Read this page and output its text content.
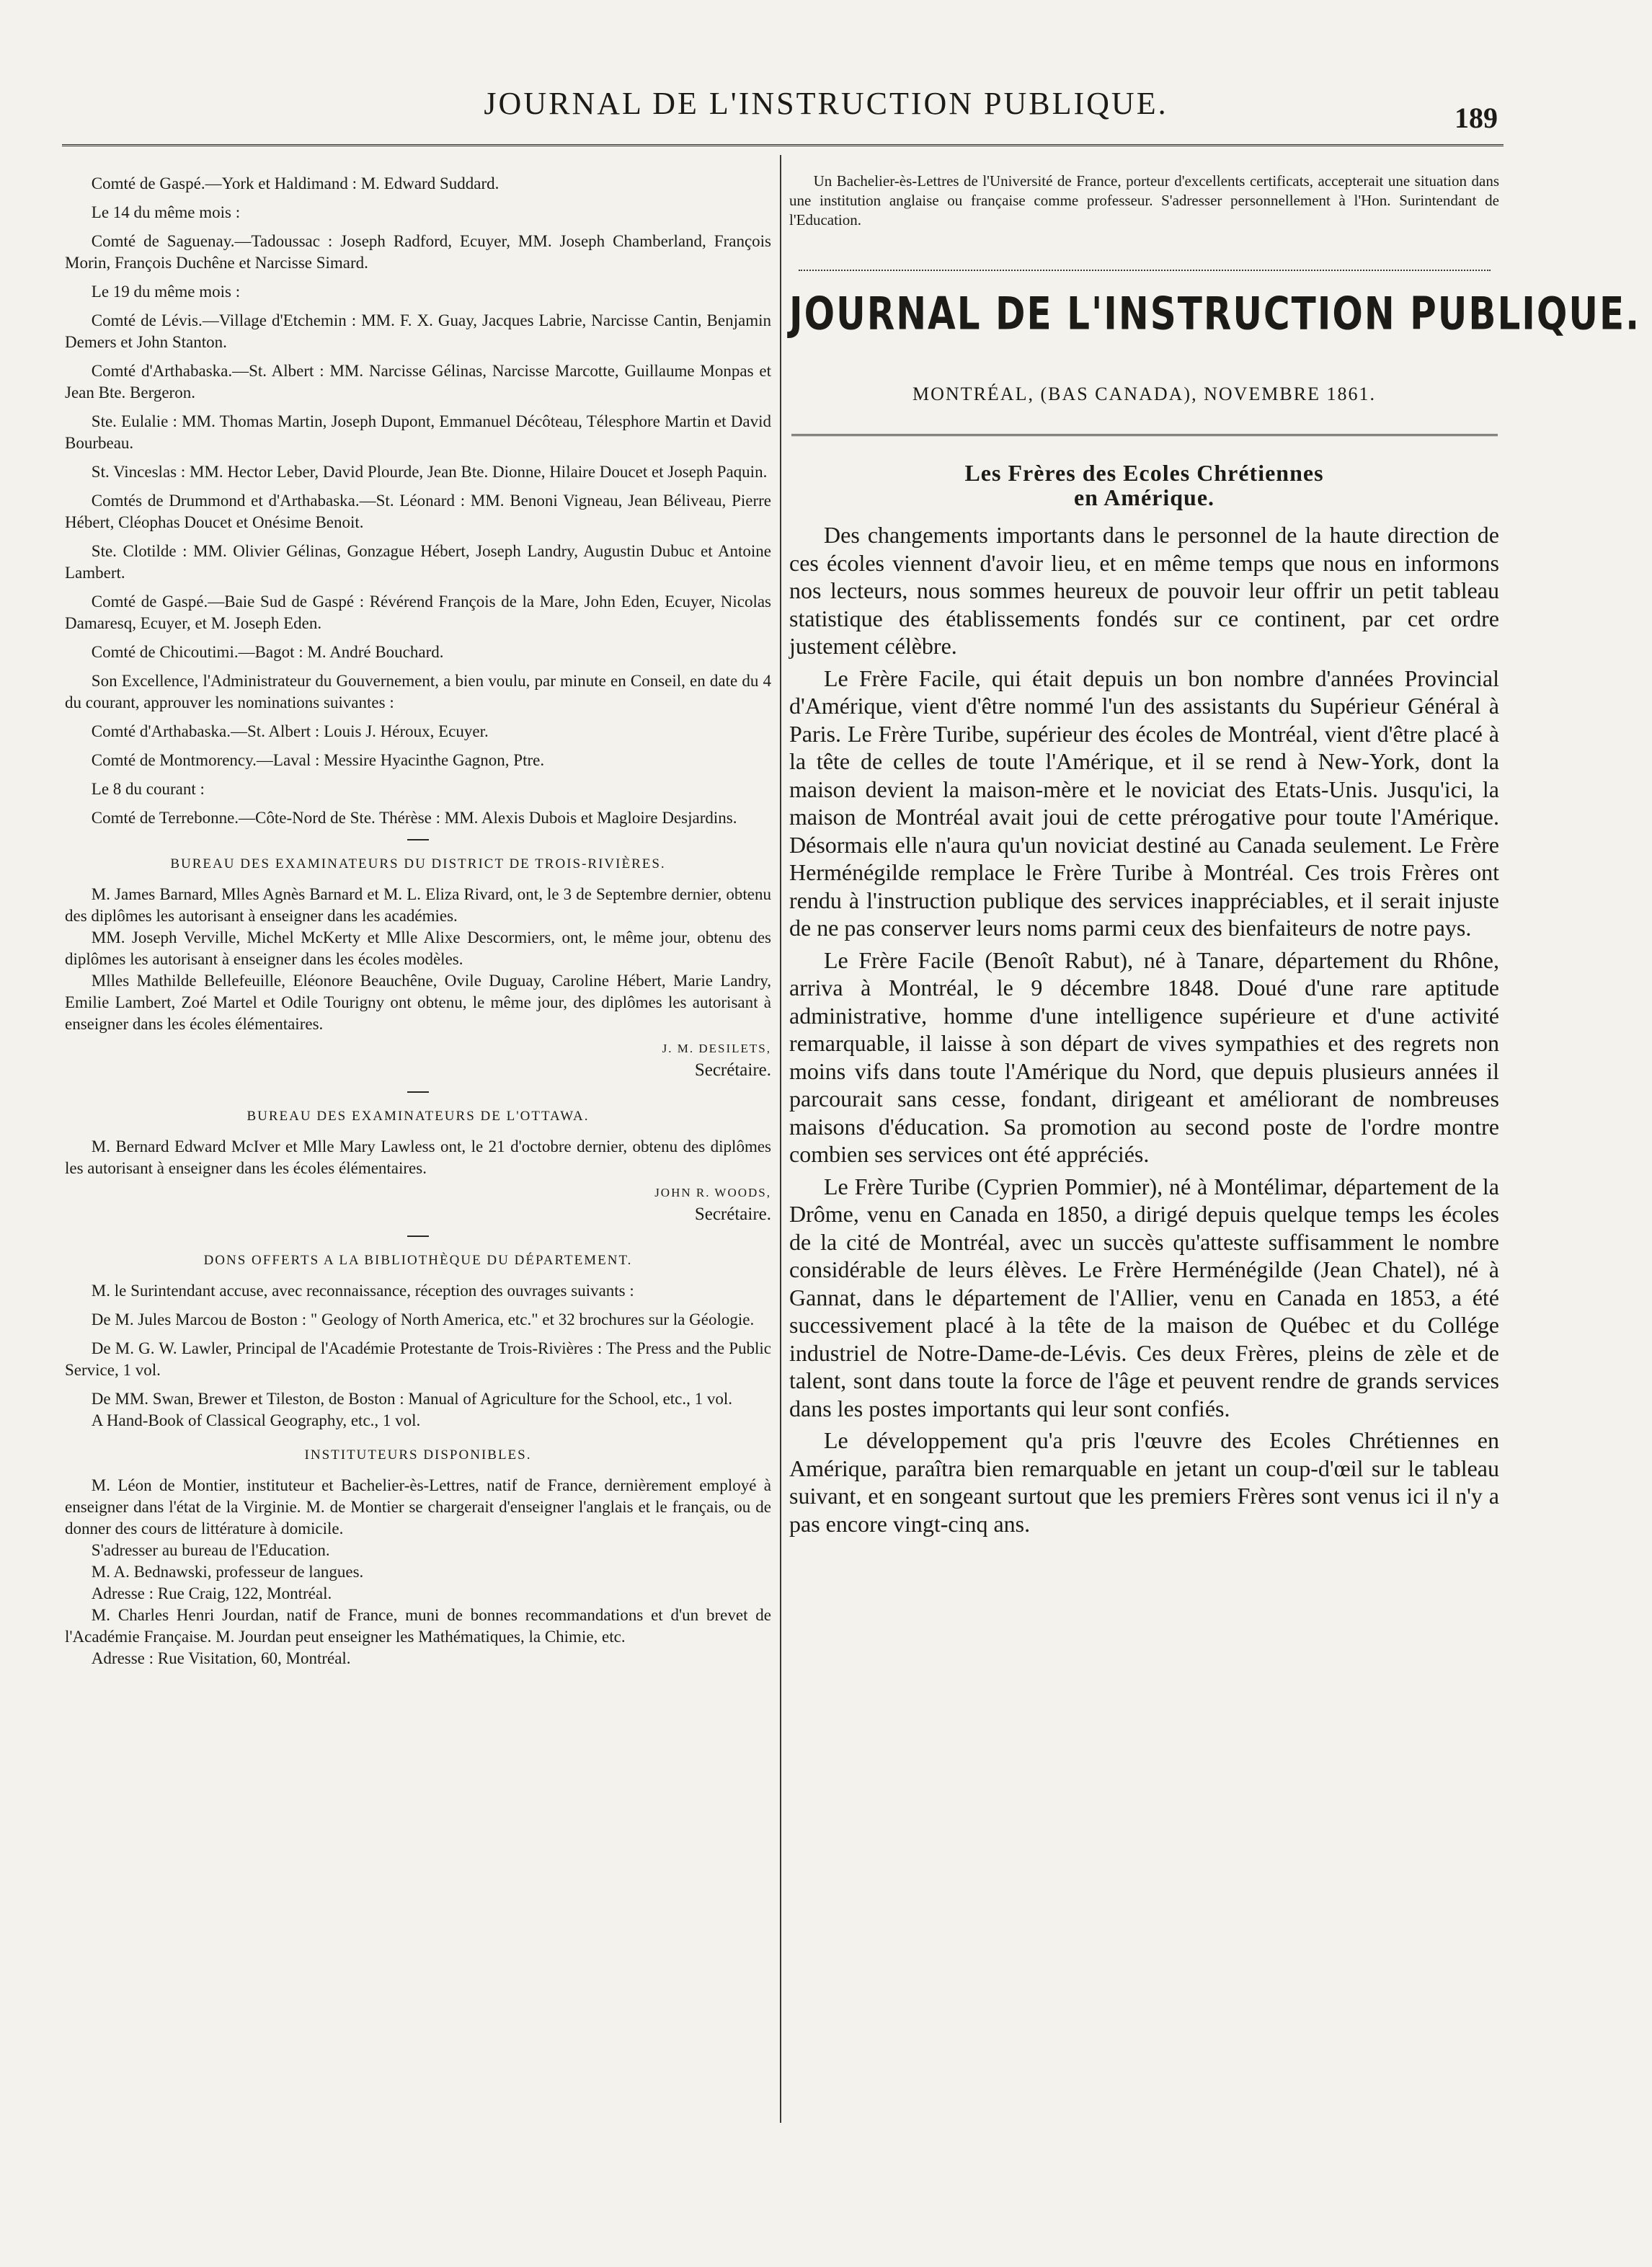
JOURNAL DE L'INSTRUCTION PUBLIQUE.	189

Comté de Gaspé.—York et Haldimand : M. Edward Suddard.

Le 14 du même mois :

Comté de Saguenay.—Tadoussac : Joseph Radford, Ecuyer, MM. Joseph Chamberland, François Morin, François Duchêne et Narcisse Simard.

Le 19 du même mois :

Comté de Lévis.—Village d'Etchemin : MM. F. X. Guay, Jacques Labrie, Narcisse Cantin, Benjamin Demers et John Stanton.

Comté d'Arthabaska.—St. Albert : MM. Narcisse Gélinas, Narcisse Marcotte, Guillaume Monpas et Jean Bte. Bergeron.

Ste. Eulalie : MM. Thomas Martin, Joseph Dupont, Emmanuel Décôteau, Télesphore Martin et David Bourbeau.

St. Vinceslas : MM. Hector Leber, David Plourde, Jean Bte. Dionne, Hilaire Doucet et Joseph Paquin.

Comtés de Drummond et d'Arthabaska.—St. Léonard : MM. Benoni Vigneau, Jean Béliveau, Pierre Hébert, Cléophas Doucet et Onésime Benoit.

Ste. Clotilde : MM. Olivier Gélinas, Gonzague Hébert, Joseph Landry, Augustin Dubuc et Antoine Lambert.

Comté de Gaspé.—Baie Sud de Gaspé : Révérend François de la Mare, John Eden, Ecuyer, Nicolas Damaresq, Ecuyer, et M. Joseph Eden.

Comté de Chicoutimi.—Bagot : M. André Bouchard.

Son Excellence, l'Administrateur du Gouvernement, a bien voulu, par minute en Conseil, en date du 4 du courant, approuver les nominations suivantes :

Comté d'Arthabaska.—St. Albert : Louis J. Héroux, Ecuyer.

Comté de Montmorency.—Laval : Messire Hyacinthe Gagnon, Ptre.

Le 8 du courant :

Comté de Terrebonne.—Côte-Nord de Ste. Thérèse : MM. Alexis Dubois et Magloire Desjardins.

BUREAU DES EXAMINATEURS DU DISTRICT DE TROIS-RIVIÈRES.

M. James Barnard, Mlles Agnès Barnard et M. L. Eliza Rivard, ont, le 3 de Septembre dernier, obtenu des diplômes les autorisant à enseigner dans les académies.

MM. Joseph Verville, Michel McKerty et Mlle Alixe Descormiers, ont, le même jour, obtenu des diplômes les autorisant à enseigner dans les écoles modèles.

Mlles Mathilde Bellefeuille, Eléonore Beauchêne, Ovile Duguay, Caroline Hébert, Marie Landry, Emilie Lambert, Zoé Martel et Odile Tourigny ont obtenu, le même jour, des diplômes les autorisant à enseigner dans les écoles élémentaires.

J. M. DESILETS,

Secrétaire.

BUREAU DES EXAMINATEURS DE L'OTTAWA.

M. Bernard Edward McIver et Mlle Mary Lawless ont, le 21 d'octobre dernier, obtenu des diplômes les autorisant à enseigner dans les écoles élémentaires.

JOHN R. WOODS,

Secrétaire.

DONS OFFERTS A LA BIBLIOTHÈQUE DU DÉPARTEMENT.

M. le Surintendant accuse, avec reconnaissance, réception des ouvrages suivants :

De M. Jules Marcou de Boston : " Geology of North America, etc." et 32 brochures sur la Géologie.

De M. G. W. Lawler, Principal de l'Académie Protestante de Trois-Rivières : The Press and the Public Service, 1 vol.

De MM. Swan, Brewer et Tileston, de Boston : Manual of Agriculture for the School, etc., 1 vol.

A Hand-Book of Classical Geography, etc., 1 vol.

INSTITUTEURS DISPONIBLES.

M. Léon de Montier, instituteur et Bachelier-ès-Lettres, natif de France, dernièrement employé à enseigner dans l'état de la Virginie. M. de Montier se chargerait d'enseigner l'anglais et le français, ou de donner des cours de littérature à domicile.

S'adresser au bureau de l'Education.

M. A. Bednawski, professeur de langues.

Adresse : Rue Craig, 122, Montréal.

M. Charles Henri Jourdan, natif de France, muni de bonnes recommandations et d'un brevet de l'Académie Française. M. Jourdan peut enseigner les Mathématiques, la Chimie, etc.

Adresse : Rue Visitation, 60, Montréal.

Un Bachelier-ès-Lettres de l'Université de France, porteur d'excellents certificats, accepterait une situation dans une institution anglaise ou française comme professeur. S'adresser personnellement à l'Hon. Surintendant de l'Education.

JOURNAL DE L'INSTRUCTION PUBLIQUE.
MONTRÉAL, (BAS CANADA), NOVEMBRE 1861.
Les Frères des Ecoles Chrétiennes
en Amérique.

Des changements importants dans le personnel de la haute direction de ces écoles viennent d'avoir lieu, et en même temps que nous en informons nos lecteurs, nous sommes heureux de pouvoir leur offrir un petit tableau statistique des établissements fondés sur ce continent, par cet ordre justement célèbre.

Le Frère Facile, qui était depuis un bon nombre d'années Provincial d'Amérique, vient d'être nommé l'un des assistants du Supérieur Général à Paris. Le Frère Turibe, supérieur des écoles de Montréal, vient d'être placé à la tête de celles de toute l'Amérique, et il se rend à New-York, dont la maison devient la maison-mère et le noviciat des Etats-Unis. Jusqu'ici, la maison de Montréal avait joui de cette prérogative pour toute l'Amérique. Désormais elle n'aura qu'un noviciat destiné au Canada seulement. Le Frère Herménégilde remplace le Frère Turibe à Montréal. Ces trois Frères ont rendu à l'instruction publique des services inappréciables, et il serait injuste de ne pas conserver leurs noms parmi ceux des bienfaiteurs de notre pays.

Le Frère Facile (Benoît Rabut), né à Tanare, département du Rhône, arriva à Montréal, le 9 décembre 1848. Doué d'une rare aptitude administrative, homme d'une intelligence supérieure et d'une activité remarquable, il laisse à son départ de vives sympathies et des regrets non moins vifs dans toute l'Amérique du Nord, que depuis plusieurs années il parcourait sans cesse, fondant, dirigeant et améliorant de nombreuses maisons d'éducation. Sa promotion au second poste de l'ordre montre combien ses services ont été appréciés.

Le Frère Turibe (Cyprien Pommier), né à Montélimar, département de la Drôme, venu en Canada en 1850, a dirigé depuis quelque temps les écoles de la cité de Montréal, avec un succès qu'atteste suffisamment le nombre considérable de leurs élèves. Le Frère Herménégilde (Jean Chatel), né à Gannat, dans le département de l'Allier, venu en Canada en 1853, a été successivement placé à la tête de la maison de Québec et du Collége industriel de Notre-Dame-de-Lévis. Ces deux Frères, pleins de zèle et de talent, sont dans toute la force de l'âge et peuvent rendre de grands services dans les postes importants qui leur sont confiés.

Le développement qu'a pris l'œuvre des Ecoles Chrétiennes en Amérique, paraîtra bien remarquable en jetant un coup-d'œil sur le tableau suivant, et en songeant surtout que les premiers Frères sont venus ici il n'y a pas encore vingt-cinq ans.
